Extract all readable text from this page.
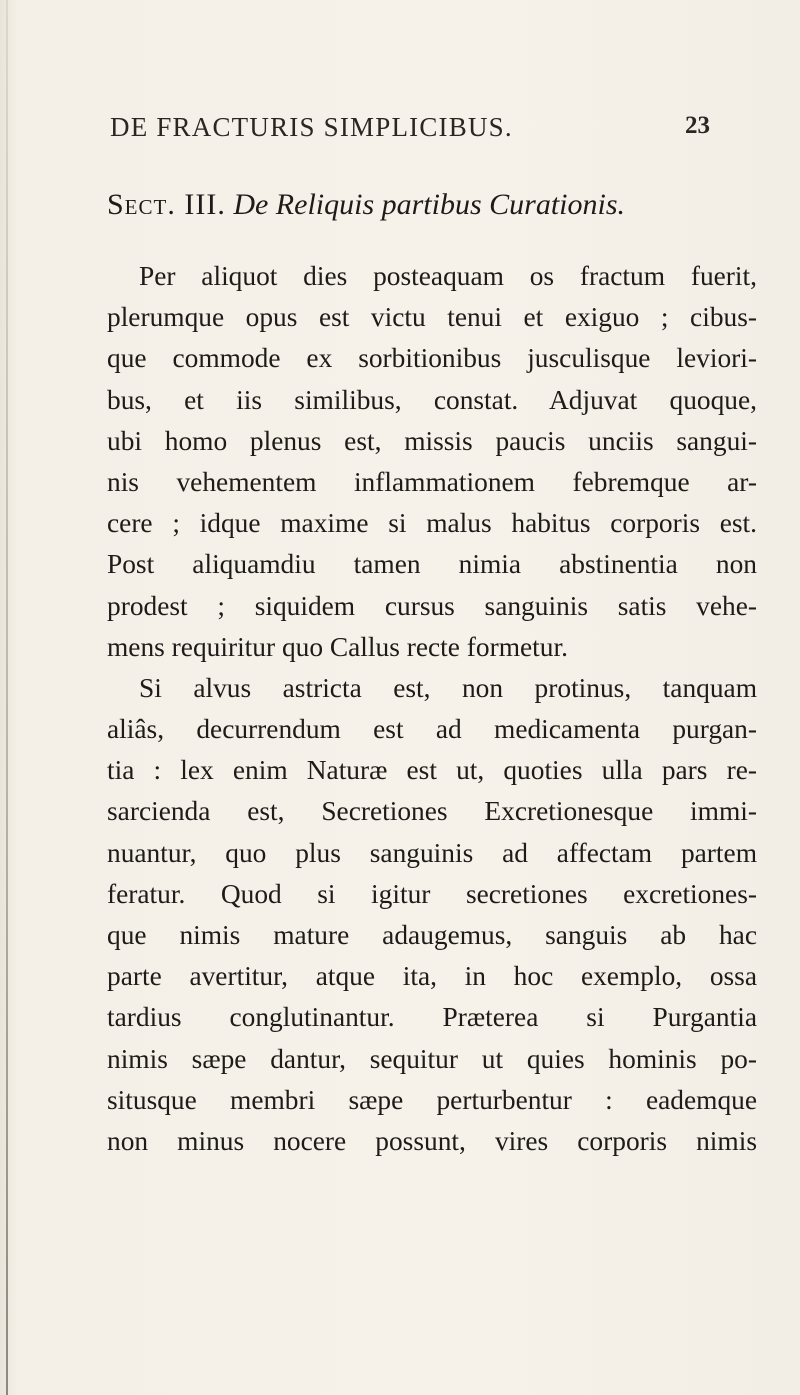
DE FRACTURIS SIMPLICIBUS.	23
Sect. III. De Reliquis partibus Curationis.
Per aliquot dies posteaquam os fractum fuerit,
plerumque opus est victu tenui et exiguo ; cibus-
que commode ex sorbitionibus jusculisque leviori-
bus, et iis similibus, constat. Adjuvat quoque,
ubi homo plenus est, missis paucis unciis sangui-
nis vehementem inflammationem febremque ar-
cere ; idque maxime si malus habitus corporis est.
Post aliquamdiu tamen nimia abstinentia non
prodest ; siquidem cursus sanguinis satis vehe-
mens requiritur quo Callus recte formetur.
Si alvus astricta est, non protinus, tanquam
aliâs, decurrendum est ad medicamenta purgan-
tia : lex enim Naturæ est ut, quoties ulla pars re-
sarcienda est, Secretiones Excretionesque immi-
nuantur, quo plus sanguinis ad affectam partem
feratur. Quod si igitur secretiones excretiones-
que nimis mature adaugemus, sanguis ab hac
parte avertitur, atque ita, in hoc exemplo, ossa
tardius conglutinantur. Præterea si Purgantia
nimis sæpe dantur, sequitur ut quies hominis po-
situsque membri sæpe perturbentur : eademque
non minus nocere possunt, vires corporis nimis
